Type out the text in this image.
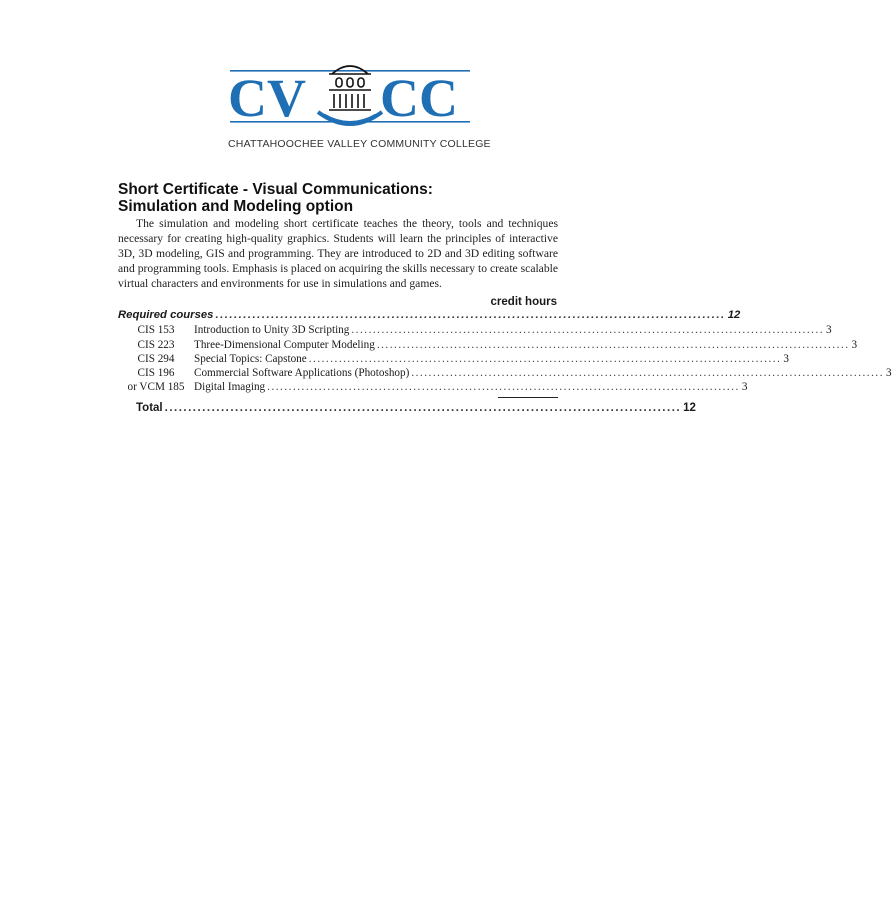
CV CC
CHATTAHOOCHEE VALLEY COMMUNITY COLLEGE
Short Certificate - Visual Communications:
Simulation and Modeling option

The simulation and modeling short certificate teaches the theory, tools and techniques necessary for creating high-quality graphics. Students will learn the principles of interactive 3D, 3D modeling, GIS and programming. They are introduced to 2D and 3D editing software and programming tools. Emphasis is placed on acquiring the skills necessary to create scalable virtual characters and environments for use in simulations and games.

credit hours
Required courses .............................................................................................................. 12
CIS 153	Introduction to Unity 3D Scripting .............................................................................................................. 3
CIS 223	Three-Dimensional Computer Modeling .............................................................................................................. 3
CIS 294	Special Topics: Capstone .............................................................................................................. 3
CIS 196	Commercial Software Applications (Photoshop) .............................................................................................................. 3
or VCM 185 Digital Imaging .............................................................................................................. 3
Total .............................................................................................................. 12
